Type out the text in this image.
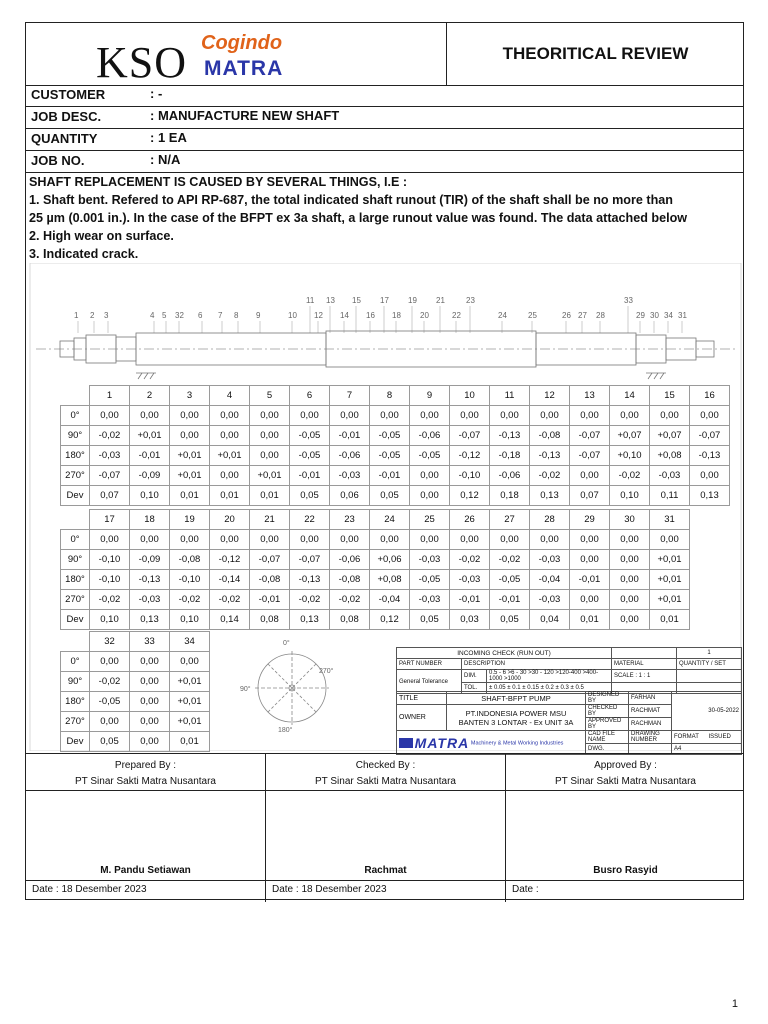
KSO Cogindo
MATRA
THEORITICAL REVIEW
CUSTOMER	: -
JOB DESC.	: MANUFACTURE NEW SHAFT
QUANTITY	: 1 EA
JOB NO.	: N/A
SHAFT REPLACEMENT IS CAUSED BY SEVERAL THINGS, I.E :
1. Shaft bent. Refered to API RP-687, the total indicated shaft runout (TIR) of the shaft shall be no more than
25 µm (0.001 in.). In the case of the BFPT ex 3a shaft, a large runout value was found. The data attached below
2. High wear on surface.
3. Indicated crack.
1 2 3	4 5 32 6 7 8 9	10
11
12
13
14
15
16
17
18
19
20
21
22
23
24	25	26 27 28
33
29 30 34 31
0°
90°
270°
180°
	1	2	3	4	5	6	7	8	9	10	11	12	13	14	15	16
0°	0,00	0,00	0,00	0,00	0,00	0,00	0,00	0,00	0,00	0,00	0,00	0,00	0,00	0,00	0,00	0,00
90°	-0,02	+0,01	0,00	0,00	0,00	-0,05	-0,01	-0,05	-0,06	-0,07	-0,13	-0,08	-0,07	+0,07	+0,07	-0,07
180°	-0,03	-0,01	+0,01	+0,01	0,00	-0,05	-0,06	-0,05	-0,05	-0,12	-0,18	-0,13	-0,07	+0,10	+0,08	-0,13
270°	-0,07	-0,09	+0,01	0,00	+0,01	-0,01	-0,03	-0,01	0,00	-0,10	-0,06	-0,02	0,00	-0,02	-0,03	0,00
Dev	0,07	0,10	0,01	0,01	0,01	0,05	0,06	0,05	0,00	0,12	0,18	0,13	0,07	0,10	0,11	0,13
	17	18	19	20	21	22	23	24	25	26	27	28	29	30	31
0°	0,00	0,00	0,00	0,00	0,00	0,00	0,00	0,00	0,00	0,00	0,00	0,00	0,00	0,00	0,00
90°	-0,10	-0,09	-0,08	-0,12	-0,07	-0,07	-0,06	+0,06	-0,03	-0,02	-0,02	-0,03	0,00	0,00	+0,01
180°	-0,10	-0,13	-0,10	-0,14	-0,08	-0,13	-0,08	+0,08	-0,05	-0,03	-0,05	-0,04	-0,01	0,00	+0,01
270°	-0,02	-0,03	-0,02	-0,02	-0,01	-0,02	-0,02	-0,04	-0,03	-0,01	-0,01	-0,03	0,00	0,00	+0,01
Dev	0,10	0,13	0,10	0,14	0,08	0,13	0,08	0,12	0,05	0,03	0,05	0,04	0,01	0,00	0,01
	32	33	34
0°	0,00	0,00	0,00
90°	-0,02	0,00	+0,01
180°	-0,05	0,00	+0,01
270°	0,00	0,00	+0,01
Dev	0,05	0,00	0,01
INCOMING CHECK (RUN OUT)				1
PART NUMBER	DESCRIPTION		MATERIAL	QUANTITY / SET
General Tolerance	DIM.	0.5 - 6 >6 - 30 >30 - 120 >120-400 >400-1000 >1000	SCALE : 1 : 1	
	TOL.	± 0.05 ± 0.1 ± 0.15 ± 0.2 ± 0.3 ± 0.5		
TITLE	SHAFT-BFPT PUMP	DESIGNED BY	FARHAN	30-05-2022
OWNER	PT.INDONESIA POWER MSU
BANTEN 3 LONTAR - Ex UNIT 3A	CHECKED BY	RACHMAT	
		APPROVED BY	RACHMAN	
MATRA Machinery & Metal Working Industries		CAD FILE NAME	DRAWING NUMBER	FORMAT ISSUED
		DWG.		A4
Prepared By :
PT Sinar Sakti Matra Nusantara
M. Pandu Setiawan
Date : 18 Desember 2023
Checked By :
PT Sinar Sakti Matra Nusantara
Rachmat
Date : 18 Desember 2023
Approved By :
PT Sinar Sakti Matra Nusantara
Busro Rasyid
Date :
1
